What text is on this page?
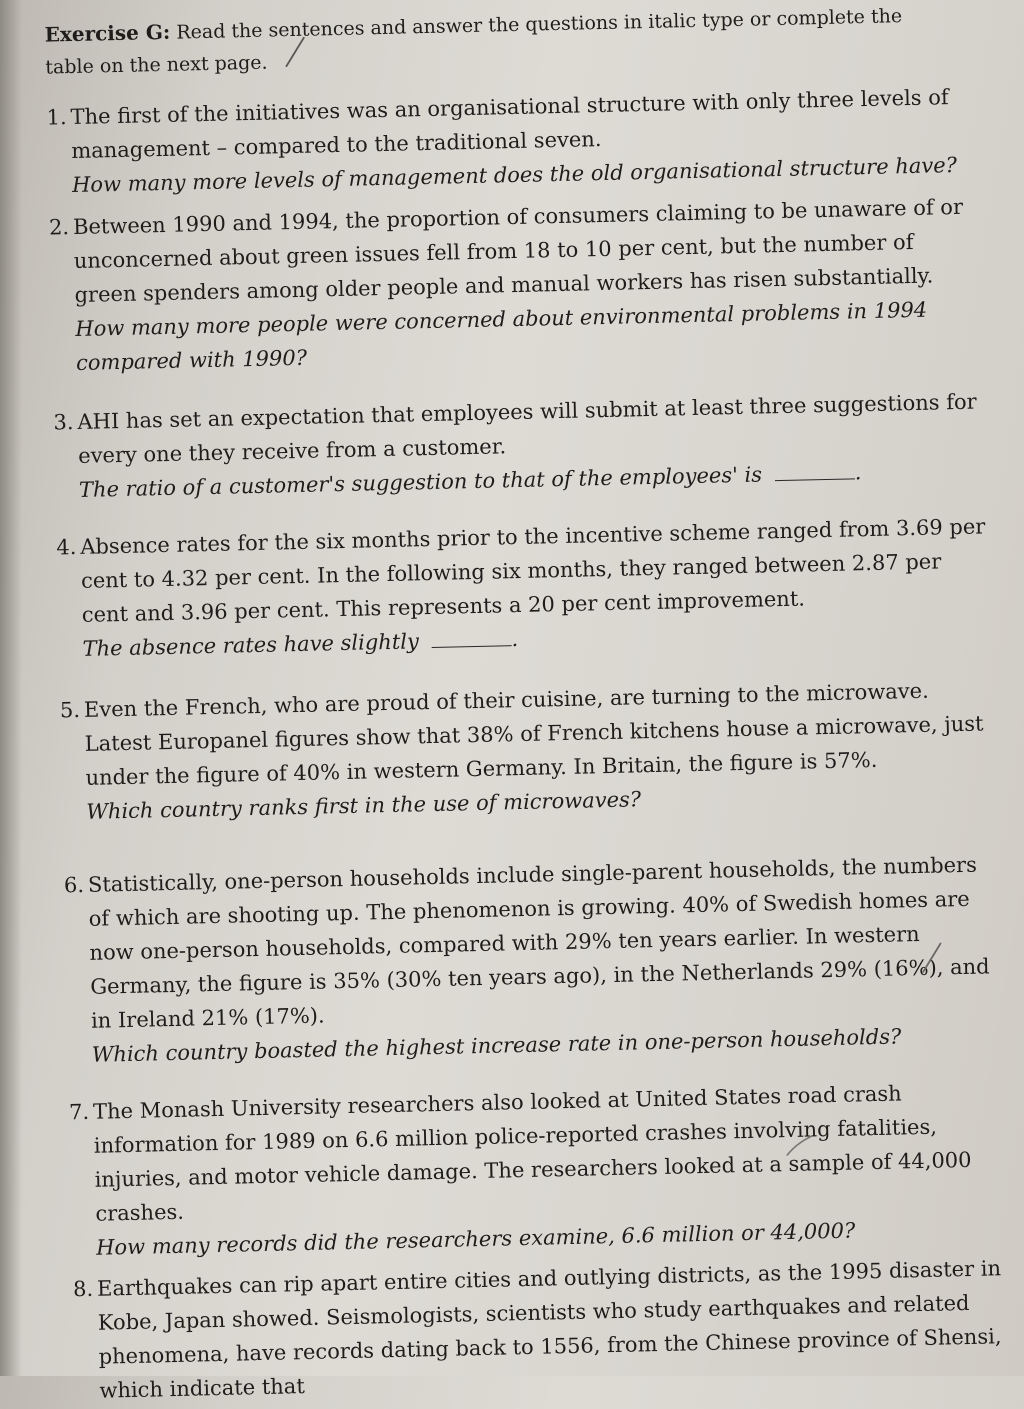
Exercise G: Read the sentences and answer the questions in italic type or complete the table on the next page.
1. The first of the initiatives was an organisational structure with only three levels of management – compared to the traditional seven.
How many more levels of management does the old organisational structure have?
2. Between 1990 and 1994, the proportion of consumers claiming to be unaware of or unconcerned about green issues fell from 18 to 10 per cent, but the number of green spenders among older people and manual workers has risen substantially.
How many more people were concerned about environmental problems in 1994 compared with 1990?
3. AHI has set an expectation that employees will submit at least three suggestions for every one they receive from a customer.
The ratio of a customer's suggestion to that of the employees' is	.
4. Absence rates for the six months prior to the incentive scheme ranged from 3.69 per cent to 4.32 per cent. In the following six months, they ranged between 2.87 per cent and 3.96 per cent. This represents a 20 per cent improvement.
The absence rates have slightly	.
5. Even the French, who are proud of their cuisine, are turning to the microwave. Latest Europanel figures show that 38% of French kitchens house a microwave, just under the figure of 40% in western Germany. In Britain, the figure is 57%.
Which country ranks first in the use of microwaves?
6. Statistically, one-person households include single-parent households, the numbers of which are shooting up. The phenomenon is growing. 40% of Swedish homes are now one-person households, compared with 29% ten years earlier. In western Germany, the figure is 35% (30% ten years ago), in the Netherlands 29% (16%), and in Ireland 21% (17%).
Which country boasted the highest increase rate in one-person households?
7. The Monash University researchers also looked at United States road crash information for 1989 on 6.6 million police-reported crashes involving fatalities, injuries, and motor vehicle damage. The researchers looked at a sample of 44,000 crashes.
How many records did the researchers examine, 6.6 million or 44,000?
8. Earthquakes can rip apart entire cities and outlying districts, as the 1995 disaster in Kobe, Japan showed. Seismologists, scientists who study earthquakes and related phenomena, have records dating back to 1556, from the Chinese province of Shensi, which indicate that
